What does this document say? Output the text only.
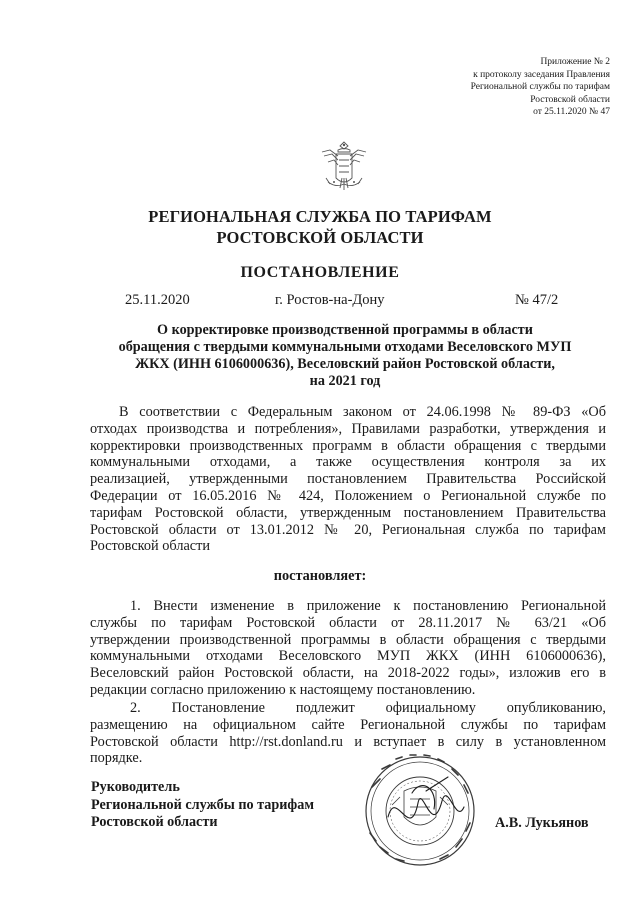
Приложение № 2
к протоколу заседания Правления
Региональной службы по тарифам
Ростовской области
от 25.11.2020 № 47
РЕГИОНАЛЬНАЯ СЛУЖБА ПО ТАРИФАМ
РОСТОВСКОЙ ОБЛАСТИ
ПОСТАНОВЛЕНИЕ
25.11.2020	г. Ростов-на-Дону	№ 47/2
О корректировке производственной программы в области
обращения с твердыми коммунальными отходами Веселовского МУП
ЖКХ (ИНН 6106000636), Веселовский район Ростовской области,
на 2021 год
В соответствии с Федеральным законом от 24.06.1998 № 89-ФЗ «Об
отходах производства и потребления», Правилами разработки, утверждения и
корректировки производственных программ в области обращения с твердыми
коммунальными отходами, а также осуществления контроля за их
реализацией, утвержденными постановлением Правительства Российской
Федерации от 16.05.2016 № 424, Положением о Региональной службе по
тарифам Ростовской области, утвержденным постановлением Правительства
Ростовской области от 13.01.2012 № 20, Региональная служба по тарифам
Ростовской области
постановляет:
1. Внести изменение в приложение к постановлению Региональной
службы по тарифам Ростовской области от 28.11.2017 № 63/21 «Об
утверждении производственной программы в области обращения с твердыми
коммунальными отходами Веселовского МУП ЖКХ (ИНН 6106000636),
Веселовский район Ростовской области, на 2018-2022 годы», изложив его в
редакции согласно приложению к настоящему постановлению.
2. Постановление подлежит официальному опубликованию,
размещению на официальном сайте Региональной службы по тарифам
Ростовской области http://rst.donland.ru и вступает в силу в установленном
порядке.
Руководитель
Региональной службы по тарифам
Ростовской области	А.В. Лукьянов
